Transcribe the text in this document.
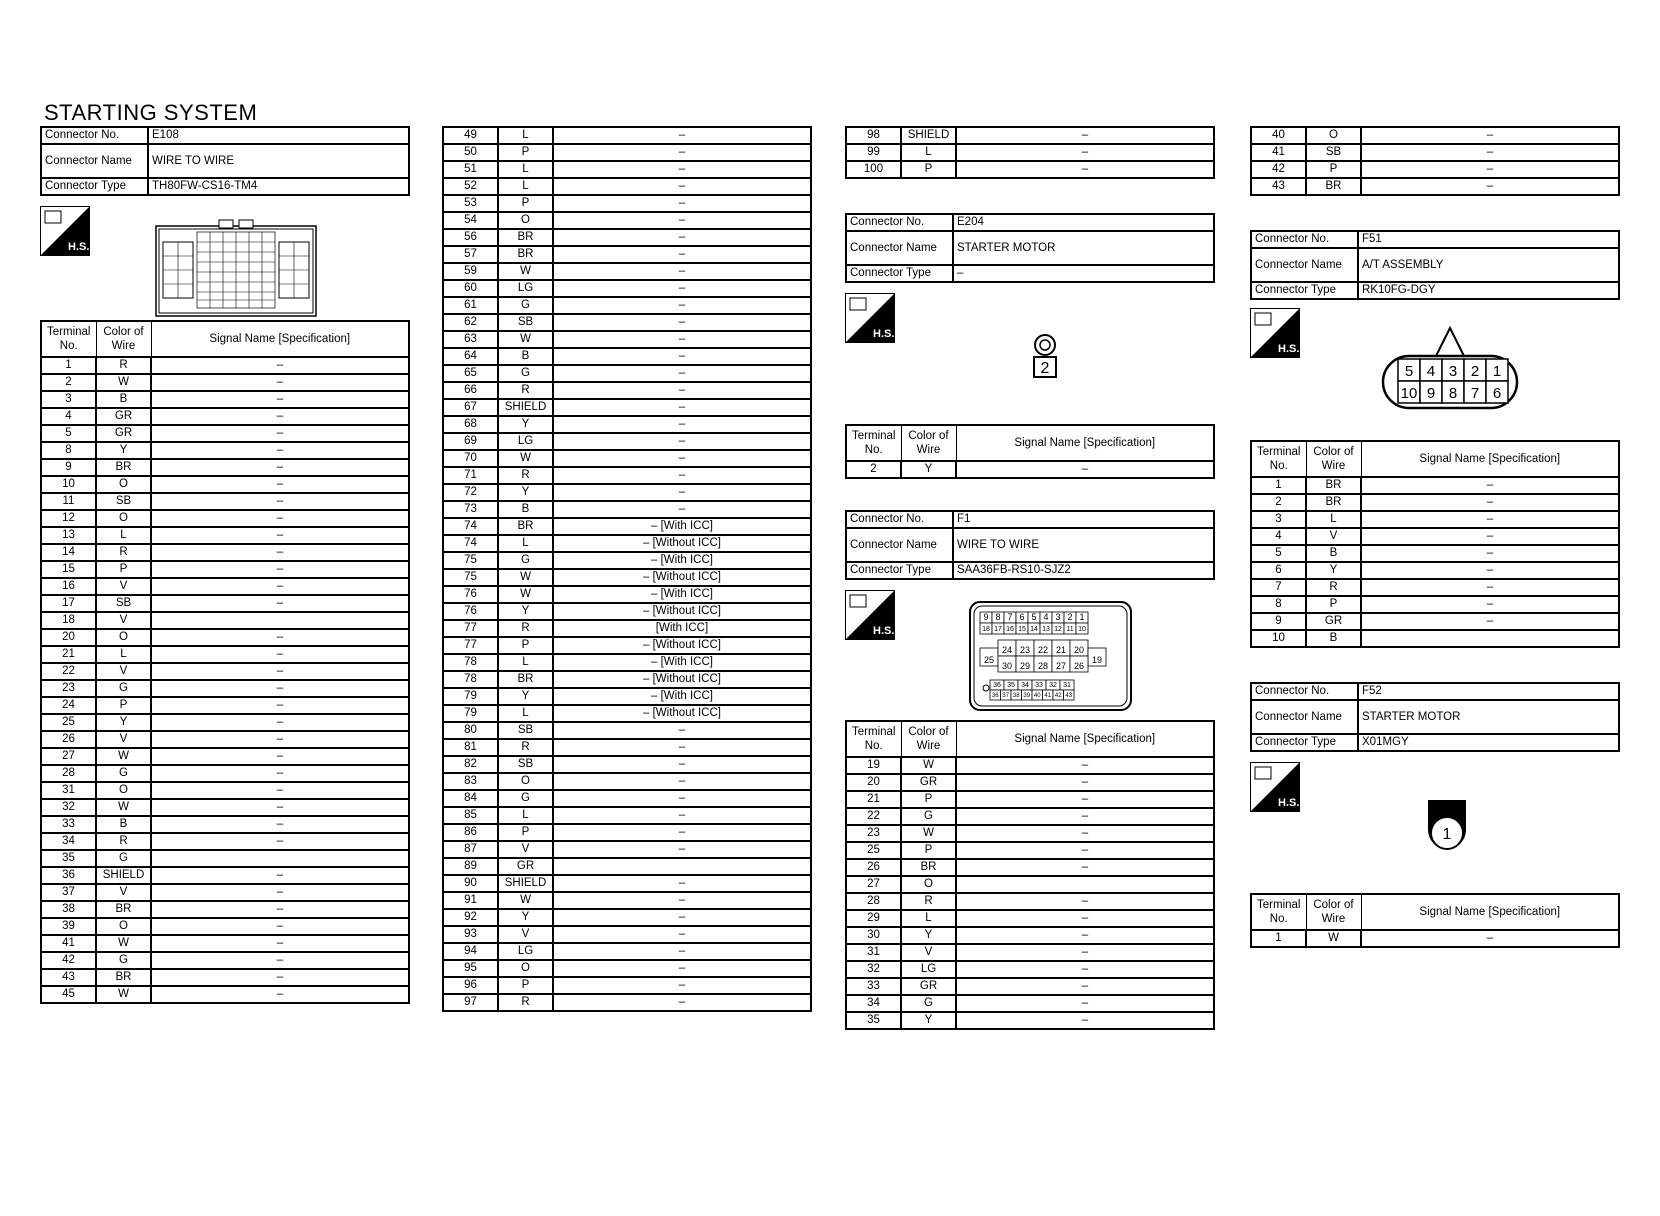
STARTING SYSTEM
Connector No.	E108
Connector Name	WIRE TO WIRE
Connector Type	TH80FW-CS16-TM4
H.S.
Terminal No.	Color of Wire	Signal Name [Specification]
1	R	–
2	W	–
3	B	–
4	GR	–
5	GR	–
8	Y	–
9	BR	–
10	O	–
11	SB	–
12	O	–
13	L	–
14	R	–
15	P	–
16	V	–
17	SB	–
18	V	
20	O	–
21	L	–
22	V	–
23	G	–
24	P	–
25	Y	–
26	V	–
27	W	–
28	G	–
31	O	–
32	W	–
33	B	–
34	R	–
35	G	
36	SHIELD	–
37	V	–
38	BR	–
39	O	–
41	W	–
42	G	–
43	BR	–
45	W	–
49	L	–
50	P	–
51	L	–
52	L	–
53	P	–
54	O	–
56	BR	–
57	BR	–
59	W	–
60	LG	–
61	G	–
62	SB	–
63	W	–
64	B	–
65	G	–
66	R	–
67	SHIELD	–
68	Y	–
69	LG	–
70	W	–
71	R	–
72	Y	–
73	B	–
74	BR	– [With ICC]
74	L	– [Without ICC]
75	G	– [With ICC]
75	W	– [Without ICC]
76	W	– [With ICC]
76	Y	– [Without ICC]
77	R	[With ICC]
77	P	– [Without ICC]
78	L	– [With ICC]
78	BR	– [Without ICC]
79	Y	– [With ICC]
79	L	– [Without ICC]
80	SB	–
81	R	–
82	SB	–
83	O	–
84	G	–
85	L	–
86	P	–
87	V	–
89	GR	
90	SHIELD	–
91	W	–
92	Y	–
93	V	–
94	LG	–
95	O	–
96	P	–
97	R	–
98	SHIELD	–
99	L	–
100	P	–
Connector No.	E204
Connector Name	STARTER MOTOR
Connector Type	–
H.S.
2
Terminal No.	Color of Wire	Signal Name [Specification]
2	Y	–
Connector No.	F1
Connector Name	WIRE TO WIRE
Connector Type	SAA36FB-RS10-SJZ2
H.S.
9 8 7 6 5 4 3 2 1
18 17 16 15 14 13 12 11 10
25
24 23 22 21 20
19
30 29 28 27 26
36 35 34 33 32 31
36 37 38 39 40 41 42 43
Terminal No.	Color of Wire	Signal Name [Specification]
19	W	–
20	GR	–
21	P	–
22	G	–
23	W	–
25	P	–
26	BR	–
27	O	
28	R	–
29	L	–
30	Y	–
31	V	–
32	LG	–
33	GR	–
34	G	–
35	Y	–
40	O	–
41	SB	–
42	P	–
43	BR	–
Connector No.	F51
Connector Name	A/T ASSEMBLY
Connector Type	RK10FG-DGY
H.S.
5 4 3 2 1
10 9 8 7 6
Terminal No.	Color of Wire	Signal Name [Specification]
1	BR	–
2	BR	–
3	L	–
4	V	–
5	B	–
6	Y	–
7	R	–
8	P	–
9	GR	–
10	B	
Connector No.	F52
Connector Name	STARTER MOTOR
Connector Type	X01MGY
H.S.
1
Terminal No.	Color of Wire	Signal Name [Specification]
1	W	–
